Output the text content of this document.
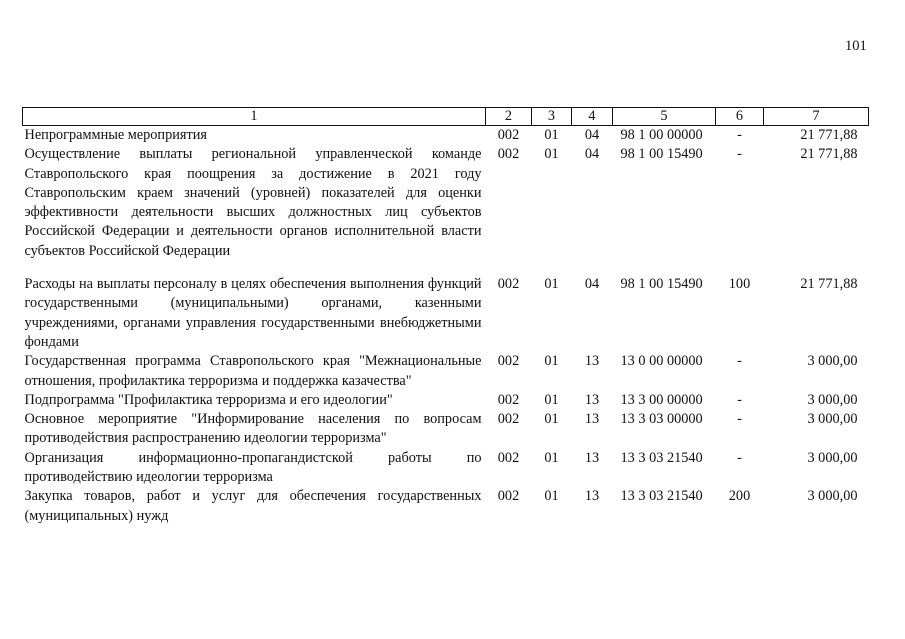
101
1	2	3	4	5	6	7
Непрограммные мероприятия	002	01	04	98 1 00 00000	-	21 771,88
Осуществление выплаты региональной управленческой команде Ставропольского края поощрения за достижение в 2021 году Ставропольским краем значений (уровней) показателей для оценки эффективности деятельности высших должностных лиц субъектов Российской Федерации и деятельности органов исполнительной власти субъектов Российской Федерации	002	01	04	98 1 00 15490	-	21 771,88
Расходы на выплаты персоналу в целях обеспечения выполнения функций государственными (муниципальными) органами, казенными учреждениями, органами управления государственными внебюджетными фондами	002	01	04	98 1 00 15490	100	21 771,88
Государственная программа Ставропольского края "Межнациональные отношения, профилактика терроризма и поддержка казачества"	002	01	13	13 0 00 00000	-	3 000,00
Подпрограмма "Профилактика терроризма и его идеологии"	002	01	13	13 3 00 00000	-	3 000,00
Основное мероприятие "Информирование населения по вопросам противодействия распространению идеологии терроризма"	002	01	13	13 3 03 00000	-	3 000,00
Организация информационно-пропагандистской работы по противодействию идеологии терроризма	002	01	13	13 3 03 21540	-	3 000,00
Закупка товаров, работ и услуг для обеспечения государственных (муниципальных) нужд	002	01	13	13 3 03 21540	200	3 000,00
